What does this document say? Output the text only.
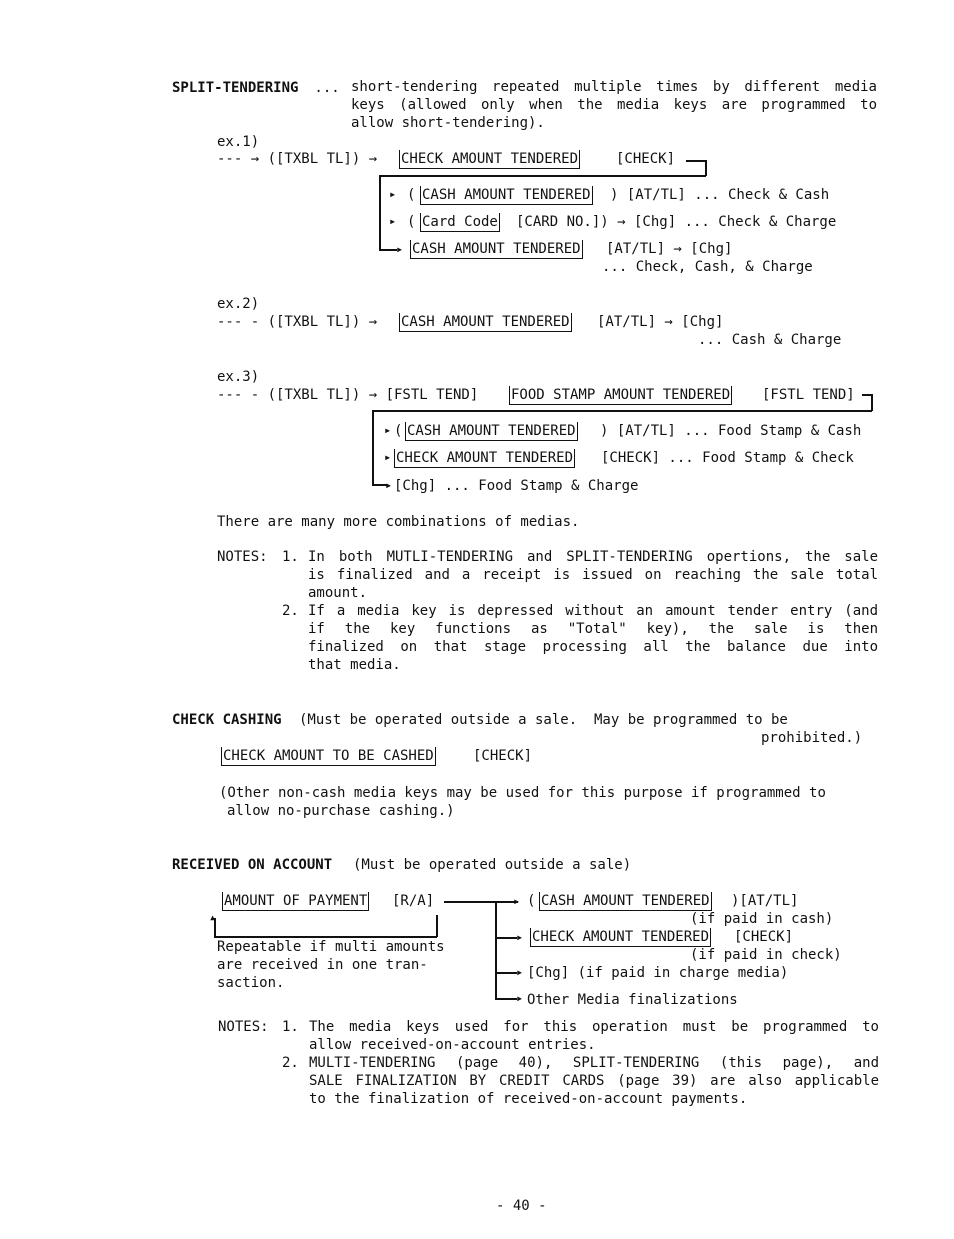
SPLIT-TENDERING ... short-tendering repeated multiple times by different media
keys (allowed only when the media keys are programmed to
allow short-tendering).
ex.1)
--- → ([TXBL TL]) → CHECK AMOUNT TENDERED	[CHECK]
▸
▸
▸
( CASH AMOUNT TENDERED ) [AT/TL] ... Check & Cash
( Card Code [CARD NO.]) → [Chg] ... Check & Charge
CASH AMOUNT TENDERED [AT/TL] → [Chg]
... Check, Cash, & Charge
ex.2)
--- - ([TXBL TL]) → CASH AMOUNT TENDERED [AT/TL] → [Chg]
... Cash & Charge
ex.3)
--- - ([TXBL TL]) → [FSTL TEND] FOOD STAMP AMOUNT TENDERED [FSTL TEND]
▸
▸
▸
( CASH AMOUNT TENDERED ) [AT/TL] ... Food Stamp & Cash
CHECK AMOUNT TENDERED [CHECK] ... Food Stamp & Check
[Chg] ... Food Stamp & Charge
There are many more combinations of medias.
NOTES: 1. In both MUTLI-TENDERING and SPLIT-TENDERING opertions, the sale
is finalized and a receipt is issued on reaching the sale total
amount.
2. If a media key is depressed without an amount tender entry (and
if the key functions as "Total" key), the sale is then
finalized on that stage processing all the balance due into
that media.
CHECK CASHING (Must be operated outside a sale.  May be programmed to be
prohibited.)
CHECK AMOUNT TO BE CASHED	[CHECK]
(Other non-cash media keys may be used for this purpose if programmed to
allow no-purchase cashing.)
RECEIVED ON ACCOUNT (Must be operated outside a sale)
AMOUNT OF PAYMENT [R/A]
▴
Repeatable if multi amounts
are received in one tran-
saction.
▸
▸
▸
▸
( CASH AMOUNT TENDERED )[AT/TL]
(if paid in cash)
CHECK AMOUNT TENDERED [CHECK]
(if paid in check)
[Chg] (if paid in charge media)
Other Media finalizations
NOTES: 1. The media keys used for this operation must be programmed to
allow received-on-account entries.
2. MULTI-TENDERING (page 40), SPLIT-TENDERING (this page), and
SALE FINALIZATION BY CREDIT CARDS (page 39) are also applicable
to the finalization of received-on-account payments.
- 40 -
